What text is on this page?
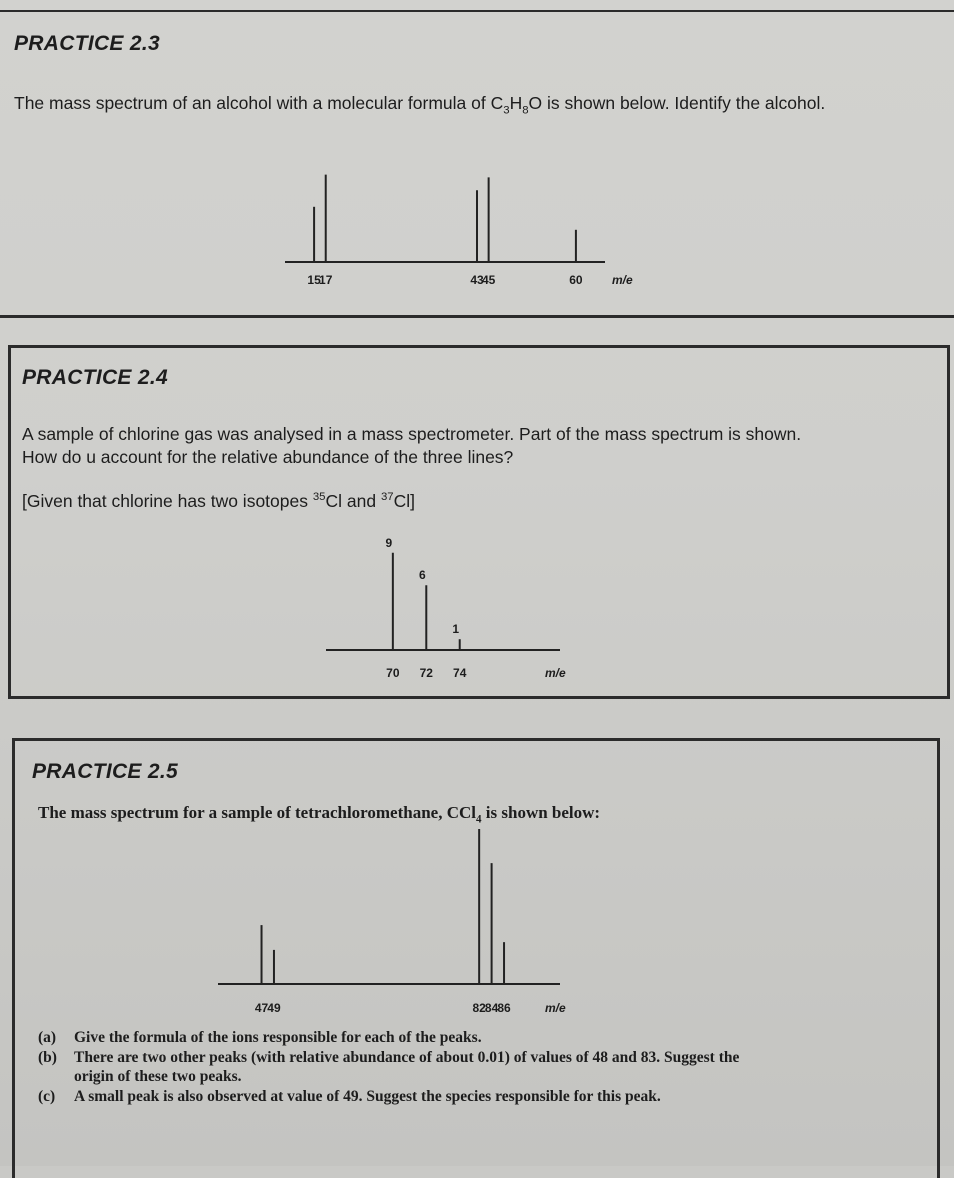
PRACTICE 2.3
The mass spectrum of an alcohol with a molecular formula of $C_3H_8O$ is shown below. Identify the alcohol.
15
17	43
45	60 m/e
70
9
72
6
74
1
m/e
47 49	82 84 86	m/e
PRACTICE 2.4
A sample of chlorine gas was analysed in a mass spectrometer. Part of the mass spectrum is shown.
How do u account for the relative abundance of the three lines?
[Given that chlorine has two isotopes $^{35}$Cl and $^{37}$Cl]
PRACTICE 2.5
The mass spectrum for a sample of tetrachloromethane, CCl$_4$ is shown below:
(a)	Give the formula of the ions responsible for each of the peaks.
(b)	There are two other peaks (with relative abundance of about 0.01) of values of 48 and 83. Suggest the origin of these two peaks.
(c)	A small peak is also observed at value of 49. Suggest the species responsible for this peak.
